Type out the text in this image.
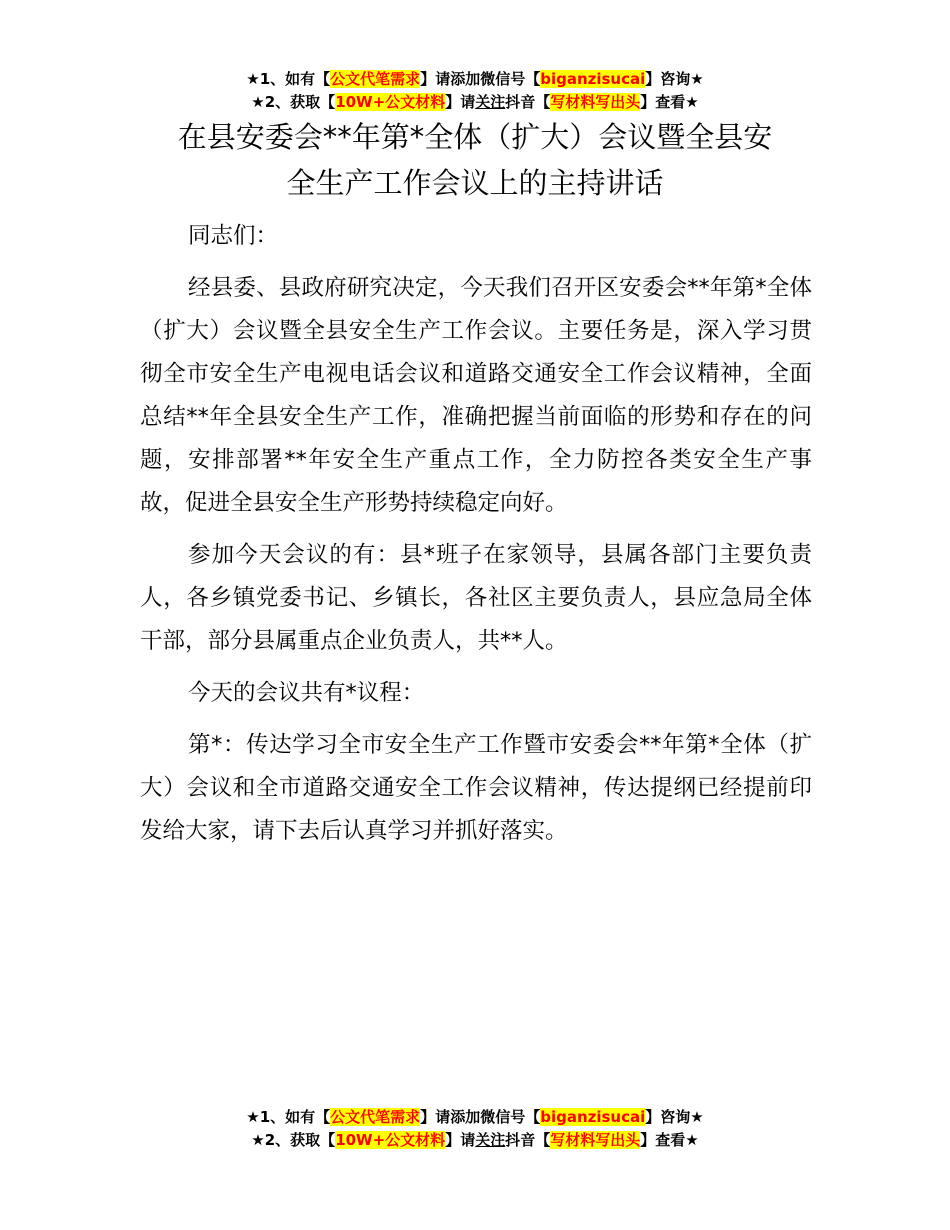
★1、如有【公文代笔需求】请添加微信号【biganzisucai】咨询★
★2、获取【10W+公文材料】请关注抖音【写材料写出头】查看★
在县安委会**年第*全体（扩大）会议暨全县安
全生产工作会议上的主持讲话

同志们：

经县委、县政府研究决定，今天我们召开区安委会**年第*全体（扩大）会议暨全县安全生产工作会议。主要任务是，深入学习贯彻全市安全生产电视电话会议和道路交通安全工作会议精神，全面总结**年全县安全生产工作，准确把握当前面临的形势和存在的问题，安排部署**年安全生产重点工作，全力防控各类安全生产事故，促进全县安全生产形势持续稳定向好。

参加今天会议的有：县*班子在家领导，县属各部门主要负责人，各乡镇党委书记、乡镇长，各社区主要负责人，县应急局全体干部，部分县属重点企业负责人，共**人。

今天的会议共有*议程：

第*：传达学习全市安全生产工作暨市安委会**年第*全体（扩大）会议和全市道路交通安全工作会议精神，传达提纲已经提前印发给大家，请下去后认真学习并抓好落实。

★1、如有【公文代笔需求】请添加微信号【biganzisucai】咨询★
★2、获取【10W+公文材料】请关注抖音【写材料写出头】查看★
